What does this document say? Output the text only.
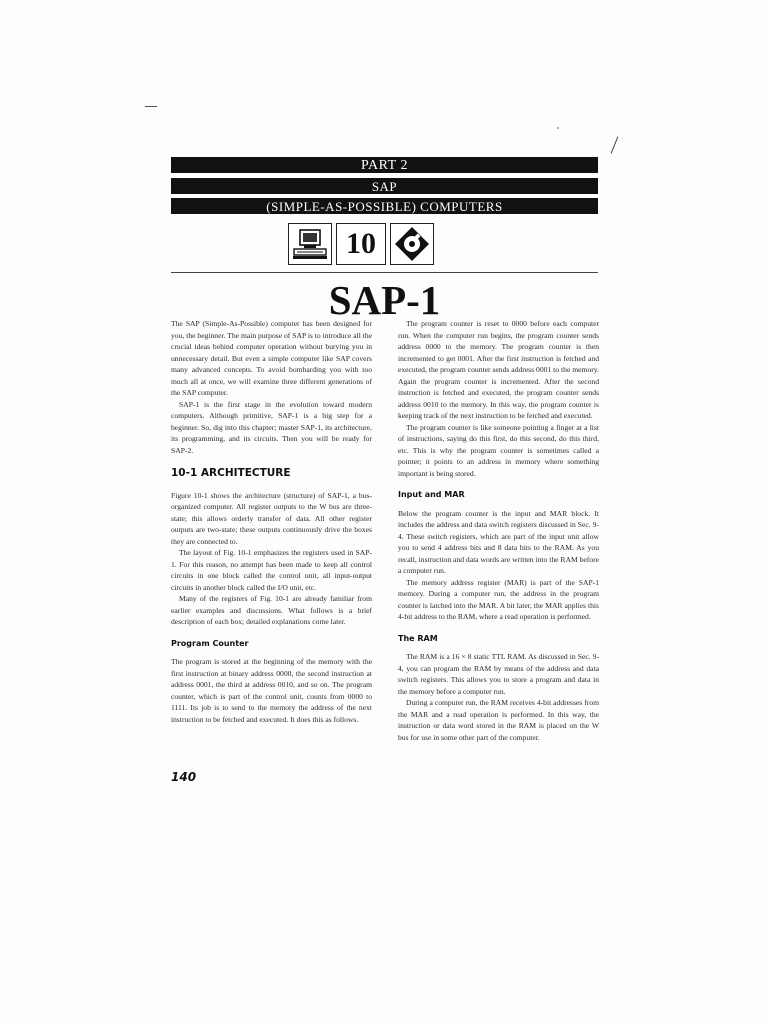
PART 2
SAP
(SIMPLE-AS-POSSIBLE) COMPUTERS
10
SAP-1

The SAP (Simple-As-Possible) computer has been designed for you, the beginner. The main purpose of SAP is to introduce all the crucial ideas behind computer operation without burying you in unnecessary detail. But even a simple computer like SAP covers many advanced concepts. To avoid bombarding you with too much all at once, we will examine three different generations of the SAP computer.

SAP-1 is the first stage in the evolution toward modern computers. Although primitive, SAP-1 is a big step for a beginner. So, dig into this chapter; master SAP-1, its architecture, its programming, and its circuits. Then you will be ready for SAP-2.

10-1 ARCHITECTURE

Figure 10-1 shows the architecture (structure) of SAP-1, a bus-organized computer. All register outputs to the W bus are three-state; this allows orderly transfer of data. All other register outputs are two-state; these outputs continuously drive the boxes they are connected to.

The layout of Fig. 10-1 emphasizes the registers used in SAP-1. For this reason, no attempt has been made to keep all control circuits in one block called the control unit, all input-output circuits in another block called the I/O unit, etc.

Many of the registers of Fig. 10-1 are already familiar from earlier examples and discussions. What follows is a brief description of each box; detailed explanations come later.

Program Counter

The program is stored at the beginning of the memory with the first instruction at binary address 0000, the second instruction at address 0001, the third at address 0010, and so on. The program counter, which is part of the control unit, counts from 0000 to 1111. Its job is to send to the memory the address of the next instruction to be fetched and executed. It does this as follows.

The program counter is reset to 0000 before each computer run. When the computer run begins, the program counter sends address 0000 to the memory. The program counter is then incremented to get 0001. After the first instruction is fetched and executed, the program counter sends address 0001 to the memory. Again the program counter is incremented. After the second instruction is fetched and executed, the program counter sends address 0010 to the memory. In this way, the program counter is keeping track of the next instruction to be fetched and executed.

The program counter is like someone pointing a finger at a list of instructions, saying do this first, do this second, do this third, etc. This is why the program counter is sometimes called a pointer; it points to an address in memory where something important is being stored.

Input and MAR

Below the program counter is the input and MAR block. It includes the address and data switch registers discussed in Sec. 9-4. These switch registers, which are part of the input unit allow you to send 4 address bits and 8 data bits to the RAM. As you recall, instruction and data words are written into the RAM before a computer run.

The memory address register (MAR) is part of the SAP-1 memory. During a computer run, the address in the program counter is latched into the MAR. A bit later, the MAR applies this 4-bit address to the RAM, where a read operation is performed.

The RAM

The RAM is a 16 × 8 static TTL RAM. As discussed in Sec. 9-4, you can program the RAM by means of the address and data switch registers. This allows you to store a program and data in the memory before a computer run.

During a computer run, the RAM receives 4-bit addresses from the MAR and a read operation is performed. In this way, the instruction or data word stored in the RAM is placed on the W bus for use in some other part of the computer.

140
